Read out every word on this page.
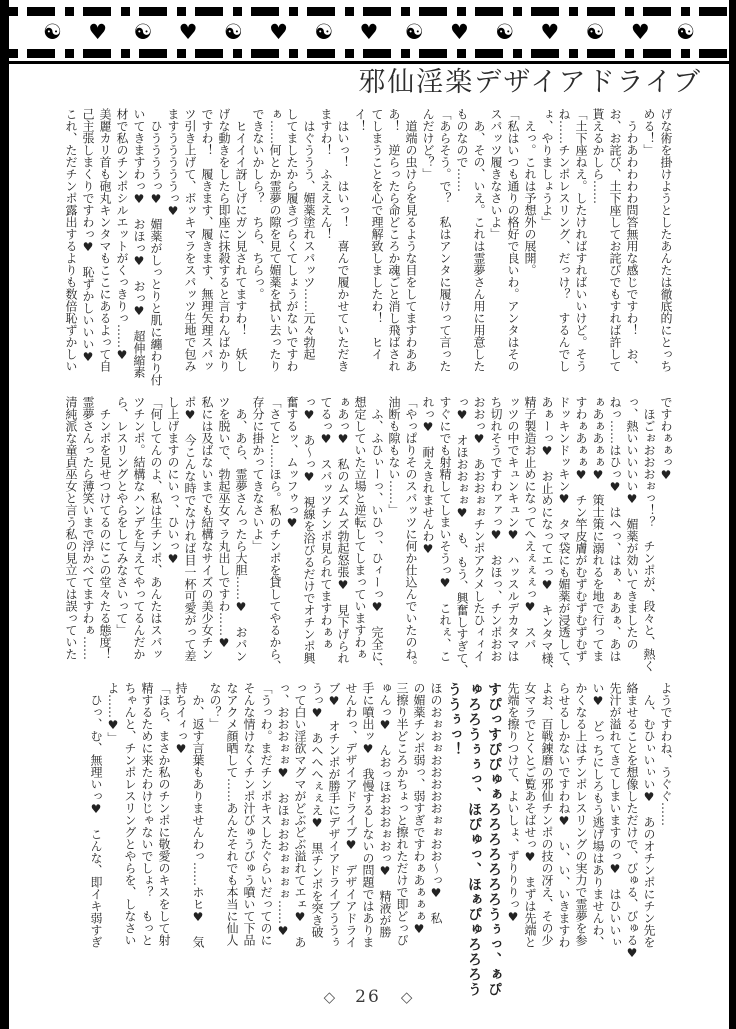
☯ ♥ ☯ ♥ ☯ ♥ ☯ ♥ ☯ ♥ ☯ ♥ ☯ ♥ ☯
邪仙淫楽デザイアドライブ
げな術を掛けようとしたあんたは徹底的にとっち
める！」
　うわあわわわわ問答無用な感じですわ！　お、
お、お詫び、土下座してお詫びでもすれば許して
貰えるかしら……
「土下座ねえ。したければすればいいけど。そう
ね……チンポレスリング、だっけ？　するんでし
ょ、やりましょうよ」
　えっ。これは予想外の展開。
「私はいつも通りの格好で良いわ。アンタはその
スパッツ履きなさいよ」
　あ、その、いえ。これは霊夢さん用に用意した
ものなので……
「あらそう。で？　私はアンタに履けって言った
んだけど？」
　道端の虫けらを見るような目をしてますわああ
あ！　逆らったら命どころか魂ごと消し飛ばされ
てしまうことを心で理解致しましたわ！　ヒイ
イ！
　はいっ！　はいっ！　喜んで履かせていただき
ますわ！　ふえええん！
　はぐううう、媚薬塗れスパッツ……元々勃起
してましたから履きづらくてしょうがないですわ
ぁ……何とか霊夢の隙を見て媚薬を拭い去ったり
できないかしら？　ちら、ちらっ。
　ヒイイイ訝しげにガン見されてますわ！　妖し
げな動きをしたら即座に抹殺すると言わんばかり
ですわ！　履きます、履きます、無理矢理スパッ
ツ引き上げて、ボッキマラをスパッツ生地で包み
ますうううううっ♥
　ひううううっ♥　媚薬がしっとりと肌に纏わり付
いてきますわっ♥　おほっ♥　おっ♥　超伸縮素
材で私のチンポシルエットがくっきりっ……♥
美麗カリ首も砲丸キンタマもここにあるよって自
己主張しまくりですわっ♥　恥ずかしいいい♥
これ、ただチンポ露出するよりも数倍恥ずかしい
ですわぁぁっ♥
　ほごぉおおおぉっ！？　チンポが、段々と、熱く
っ、熱いいいいい♥　媚薬が効いてきましたの
ねっ……はひっ♥　はへっ、はぁ、ぁあぁ、あは
ぁあぁあぁぁ♥　策士策に溺れるを地で行ってま
すわぁあぁぁ♥　チン竿皮膚がむずむずむずむず
ドッキンドッキン♥　タマ袋にも媚薬が浸透して、
あぁーっ♥　お止めになってエっ♥　キンタマ様、
精子製造お止めになってへえぇぇぇっ♥　スパ
ッツの中でキュンキュン♥　ハッスルデカタマは
ち切れそうですわァァっ♥　おほっ、チンポおお
おおっ♥　あおおぉぉチンポアクメしたひィィイ
っ♥　オほおおぉぉ♥　も、もう、興奮しすぎて、
すぐにでも射精してしまいそうっ♥　これぇ、こ
れっ♥　耐えきれませんわ♥
「やっぱりそのスパッツに何か仕込んでいたのね。
油断も隙もない……」
　ふ、ふひぃーっ、いひっ、ひィーっ♥　完全に、
想定していた立場と逆転してしまっていますわぁ
ぁあっ♥　私のムズムズ勃起怒張♥　見下げられ
てるっ♥　スパッツチンポ見られてますわぁぁ
っ♥　あ〜っ♥　視線を浴びるだけでオチンポ興
奮するッ、ムッフゥっ♥
「さてと……ほら。私のチンポを貸してやるから、
存分に掛かってきなさいよ」
　あ、あら、霊夢さんったら大胆……♥　おパン
ツを脱いで、勃起巫女マラ丸出しですわ……♥
私には及ばないまでも結構なサイズの美少女チン
ポ♥　今こんな時でなければ目一杯可愛がって差
し上げますのにいっ、ひいっ♥
「何してんのよ、私は生チンポ、あんたはスパッ
ツチンポ。結構なハンデを与えてやってるんだか
ら、レスリングとやらをしてみなさいって」
　チンポを見せつけてるのにこの堂々たる態度！
霊夢さんったら薄笑いまで浮かべてますわぁ……
清純派な童貞巫女と言う私の見立ては誤っていた
ようですわね、うぐぐ……
　ん、むひぃいぃい♥　あのオチンポにチン先を
絡ませることを想像しただけで、びゅる、びゅる♥
先汁が溢れてきてしまいますのっ♥　はひいいぃ
い♥　どっちにしろもう逃げ場はありませんわ、
かくなる上はチンポレスリングの実力で霊夢を参
らせるしかないですわね♥　い、い、いきますわ
よお、百戦錬磨の邪仙チンポの技の冴え、その少
女マラでとくとご覧あそばせっ♥　まずは先端と
先端を擦りつけて、よいしょ、ずりりりっ♥
すぴっすぴぴゅぁろろろろろろろうぅっ、ぁぴ
ゅろろうぅぅっ、ほぴゅっ、ほぁぴゅろろろう
ううぅっ！
ほのおぉおぉおおおおおぉぉおお〜っ♥　私
の媚薬チンポ弱っ、弱すぎですわぁあぁぁぁ♥
三擦り半どころかちょっと擦れただけで即どっぴ
ゅんっ♥　んおっほおおおぉおっ♥　精液が勝
手に噴出ッ♥　我慢するしないの問題ではありま
せんわっ、デザイアドライブ♥　デザイアドライ
ブ♥　オチンポが勝手にデザイアドライブううぅ
うっ♥　あへへへぇぇえ♥　黒チンポを突き破
って白い淫欲マグマがどぶどぶ溢れてエェ♥　あ
っ、おおおぉぉ♥　おほぉおおぉぉぉぉ……♥
「うっわ。まだチンポキスしたぐらいだってのに
そんな情けなくチンポ汁びゅうびゅう噴いて下品
なアクメ顔晒して……あんたそれでも本当に仙人
なの？」
　か、返す言葉もありませんわっ……ホヒ♥　気
持ちイィっ♥
「ほら、まさか私のチンポに敬愛のキスをして射
精するために来たわけじゃないでしょ？　もっと
ちゃんと、チンポレスリングとやらを、しなさい
よ……♥」
　ひっ、む、無理いっ♥　こんな、即イキ弱すぎ
◇ 26 ◇
